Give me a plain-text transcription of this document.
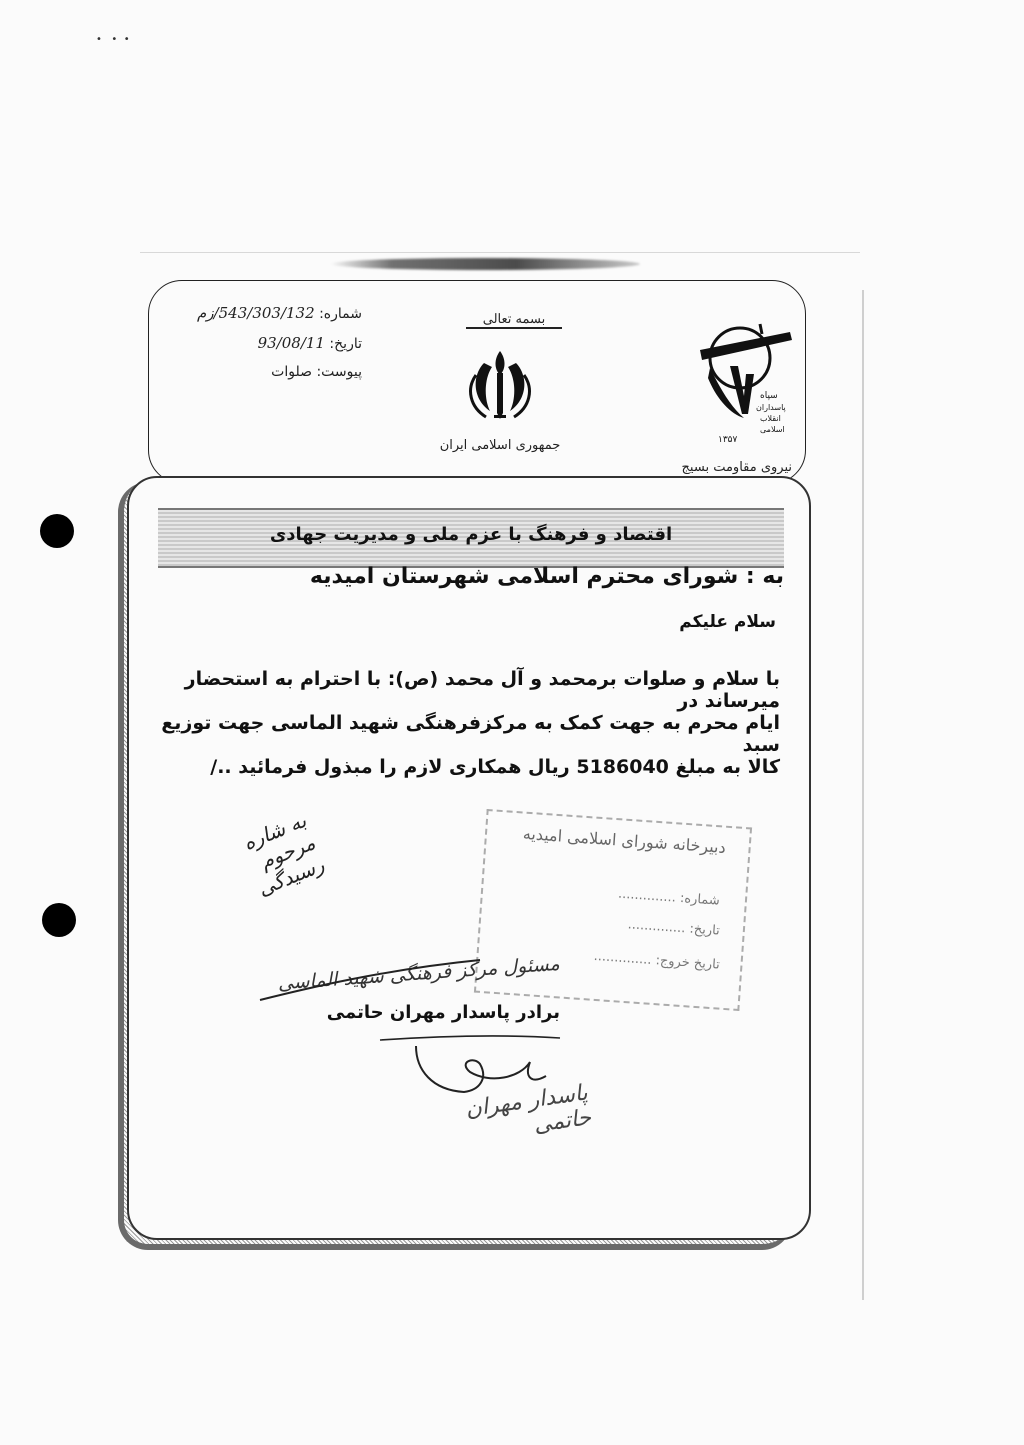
•   •  •
شماره: 543/303/132/زم
تاریخ: 93/08/11
پیوست: صلوات
بسمه تعالی
جمهوری اسلامی ایران
سپاه
پاسداران
انقلاب
اسلامی
۱۳۵۷
نیروی مقاومت بسیج
اقتصاد و فرهنگ با عزم ملی و مدیریت جهادی
به : شورای محترم اسلامی شهرستان امیدیه
سلام علیکم
با سلام و صلوات برمحمد و آل محمد (ص): با احترام به استحضار میرساند در
ایام محرم به جهت کمک به مرکزفرهنگی شهید الماسی جهت توزیع سبد
کالا به مبلغ 5186040 ریال همکاری لازم را مبذول فرمائید ../
دبیرخانه شورای اسلامی امیدیه
شماره: ..............
تاریخ: ..............
تاریخ خروج: ..............
به شاره مرحوم رسیدگی
مسئول مرکز فرهنگی شهید الماسی
برادر پاسدار مهران حاتمی
پاسدار مهران حاتمی
